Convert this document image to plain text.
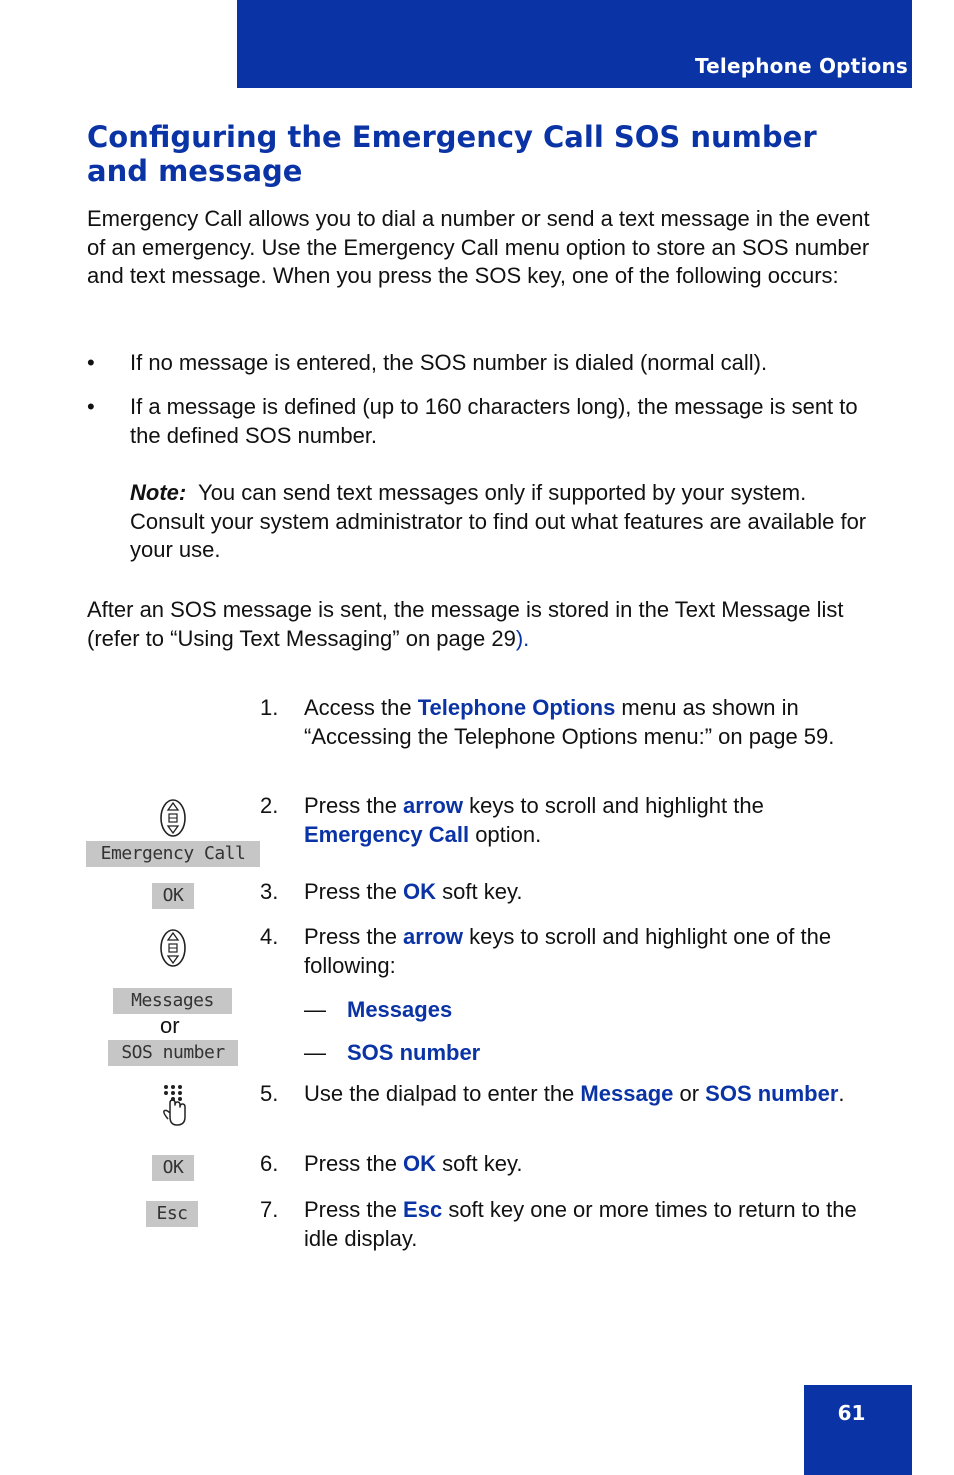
Telephone Options
Configuring the Emergency Call SOS number and message

Emergency Call allows you to dial a number or send a text message in the event of an emergency. Use the Emergency Call menu option to store an SOS number and text message. When you press the SOS key, one of the following occurs:

• If no message is entered, the SOS number is dialed (normal call).
• If a message is defined (up to 160 characters long), the message is sent to the defined SOS number.
Note: You can send text messages only if supported by your system. Consult your system administrator to find out what features are available for your use.

After an SOS message is sent, the message is stored in the Text Message list (refer to “Using Text Messaging” on page 29).

1. Access the Telephone Options menu as shown in “Accessing the Telephone Options menu:” on page 59.
2. Press the arrow keys to scroll and highlight the Emergency Call option.
3. Press the OK soft key.
4. Press the arrow keys to scroll and highlight one of the following:
— Messages
— SOS number
5. Use the dialpad to enter the Message or SOS number.
6. Press the OK soft key.
7. Press the Esc soft key one or more times to return to the idle display.
Emergency Call
OK
Messages
or
SOS number
OK
Esc
61
